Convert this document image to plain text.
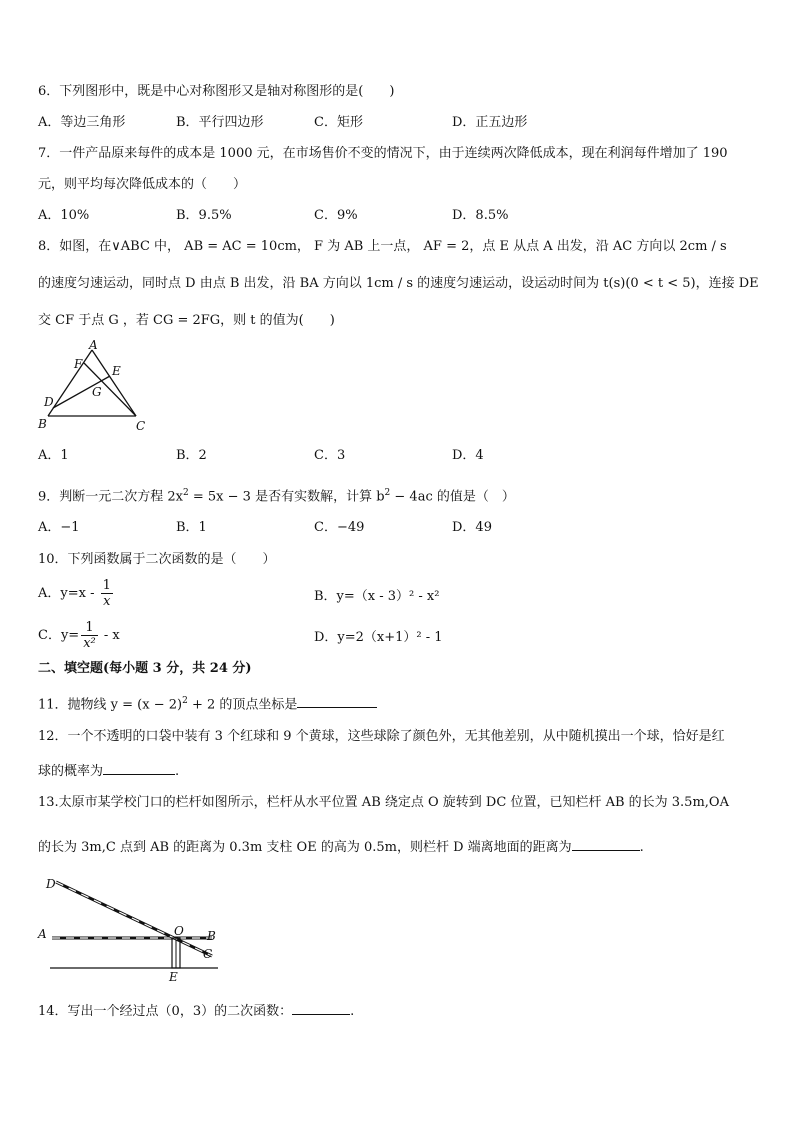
6．下列图形中，既是中心对称图形又是轴对称图形的是(　　)
A．等边三角形	B．平行四边形	C．矩形	D．正五边形
7．一件产品原来每件的成本是 1000 元，在市场售价不变的情况下，由于连续两次降低成本，现在利润每件增加了 190
元，则平均每次降低成本的（　　）
A．10%	B．9.5%	C．9%	D．8.5%
8．如图，在∨ABC 中， AB = AC = 10cm， F 为 AB 上一点， AF = 2，点 E 从点 A 出发，沿 AC 方向以 2cm / s
的速度匀速运动，同时点 D 由点 B 出发，沿 BA 方向以 1cm / s 的速度匀速运动，设运动时间为 t(s)(0 < t < 5)，连接 DE
交 CF 于点 G ，若 CG = 2FG，则 t 的值为(　　)
A
F E
G
D
B	C
A．1	B．2	C．3	D．4
9．判断一元二次方程 $2x^2 = 5x - 3$ 是否有实数解，计算 $b^2 - 4ac$ 的值是（　）
A．−1	B．1	C．−49	D．49
10．下列函数属于二次函数的是（　　）
A．$y=x - \frac{1}{x}$	B．y=（x - 3）² - x²
C．$y= \frac{1}{\text{x²}} - x$	D．y=2（x+1）² - 1
二、填空题(每小题 3 分，共 24 分)
11．抛物线 $y = (x - 2)^2 + 2$ 的顶点坐标是
12．一个不透明的口袋中装有 3 个红球和 9 个黄球，这些球除了颜色外，无其他差别，从中随机摸出一个球，恰好是红
球的概率为	.
13.太原市某学校门口的栏杆如图所示，栏杆从水平位置 AB 绕定点 O 旋转到 DC 位置，已知栏杆 AB 的长为 3.5m,OA
的长为 3m,C 点到 AB 的距离为 0.3m 支柱 OE 的高为 0.5m，则栏杆 D 端离地面的距离为	.
D
A	O B
C
E
14．写出一个经过点（0，3）的二次函数：	.
